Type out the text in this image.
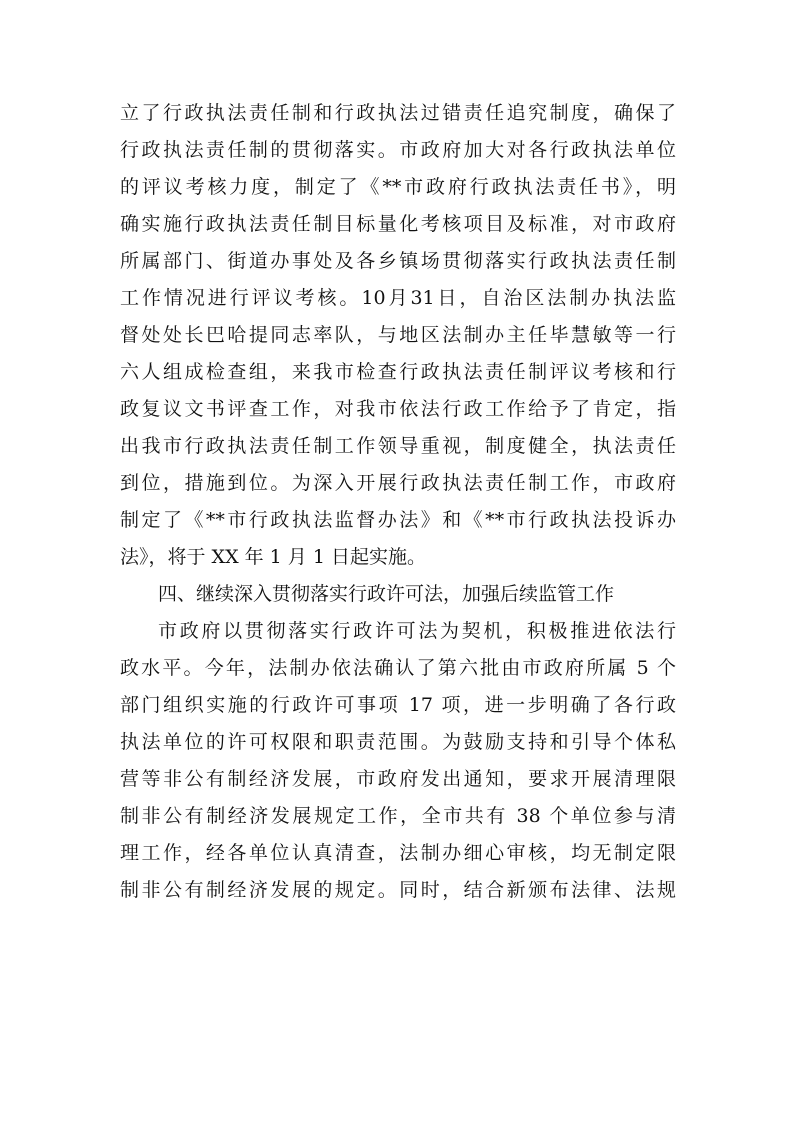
立了行政执法责任制和行政执法过错责任追究制度，确保了
行政执法责任制的贯彻落实。市政府加大对各行政执法单位
的评议考核力度，制定了《**市政府行政执法责任书》，明
确实施行政执法责任制目标量化考核项目及标准，对市政府
所属部门、街道办事处及各乡镇场贯彻落实行政执法责任制
工作情况进行评议考核。10月31日，自治区法制办执法监
督处处长巴哈提同志率队，与地区法制办主任毕慧敏等一行
六人组成检查组，来我市检查行政执法责任制评议考核和行
政复议文书评查工作，对我市依法行政工作给予了肯定，指
出我市行政执法责任制工作领导重视，制度健全，执法责任
到位，措施到位。为深入开展行政执法责任制工作，市政府
制定了《**市行政执法监督办法》和《**市行政执法投诉办
法》，将于 XX 年 1 月 1 日起实施。
四、继续深入贯彻落实行政许可法，加强后续监管工作
市政府以贯彻落实行政许可法为契机，积极推进依法行
政水平。今年，法制办依法确认了第六批由市政府所属 5 个
部门组织实施的行政许可事项 17 项，进一步明确了各行政
执法单位的许可权限和职责范围。为鼓励支持和引导个体私
营等非公有制经济发展，市政府发出通知，要求开展清理限
制非公有制经济发展规定工作，全市共有 38 个单位参与清
理工作，经各单位认真清查，法制办细心审核，均无制定限
制非公有制经济发展的规定。同时，结合新颁布法律、法规
